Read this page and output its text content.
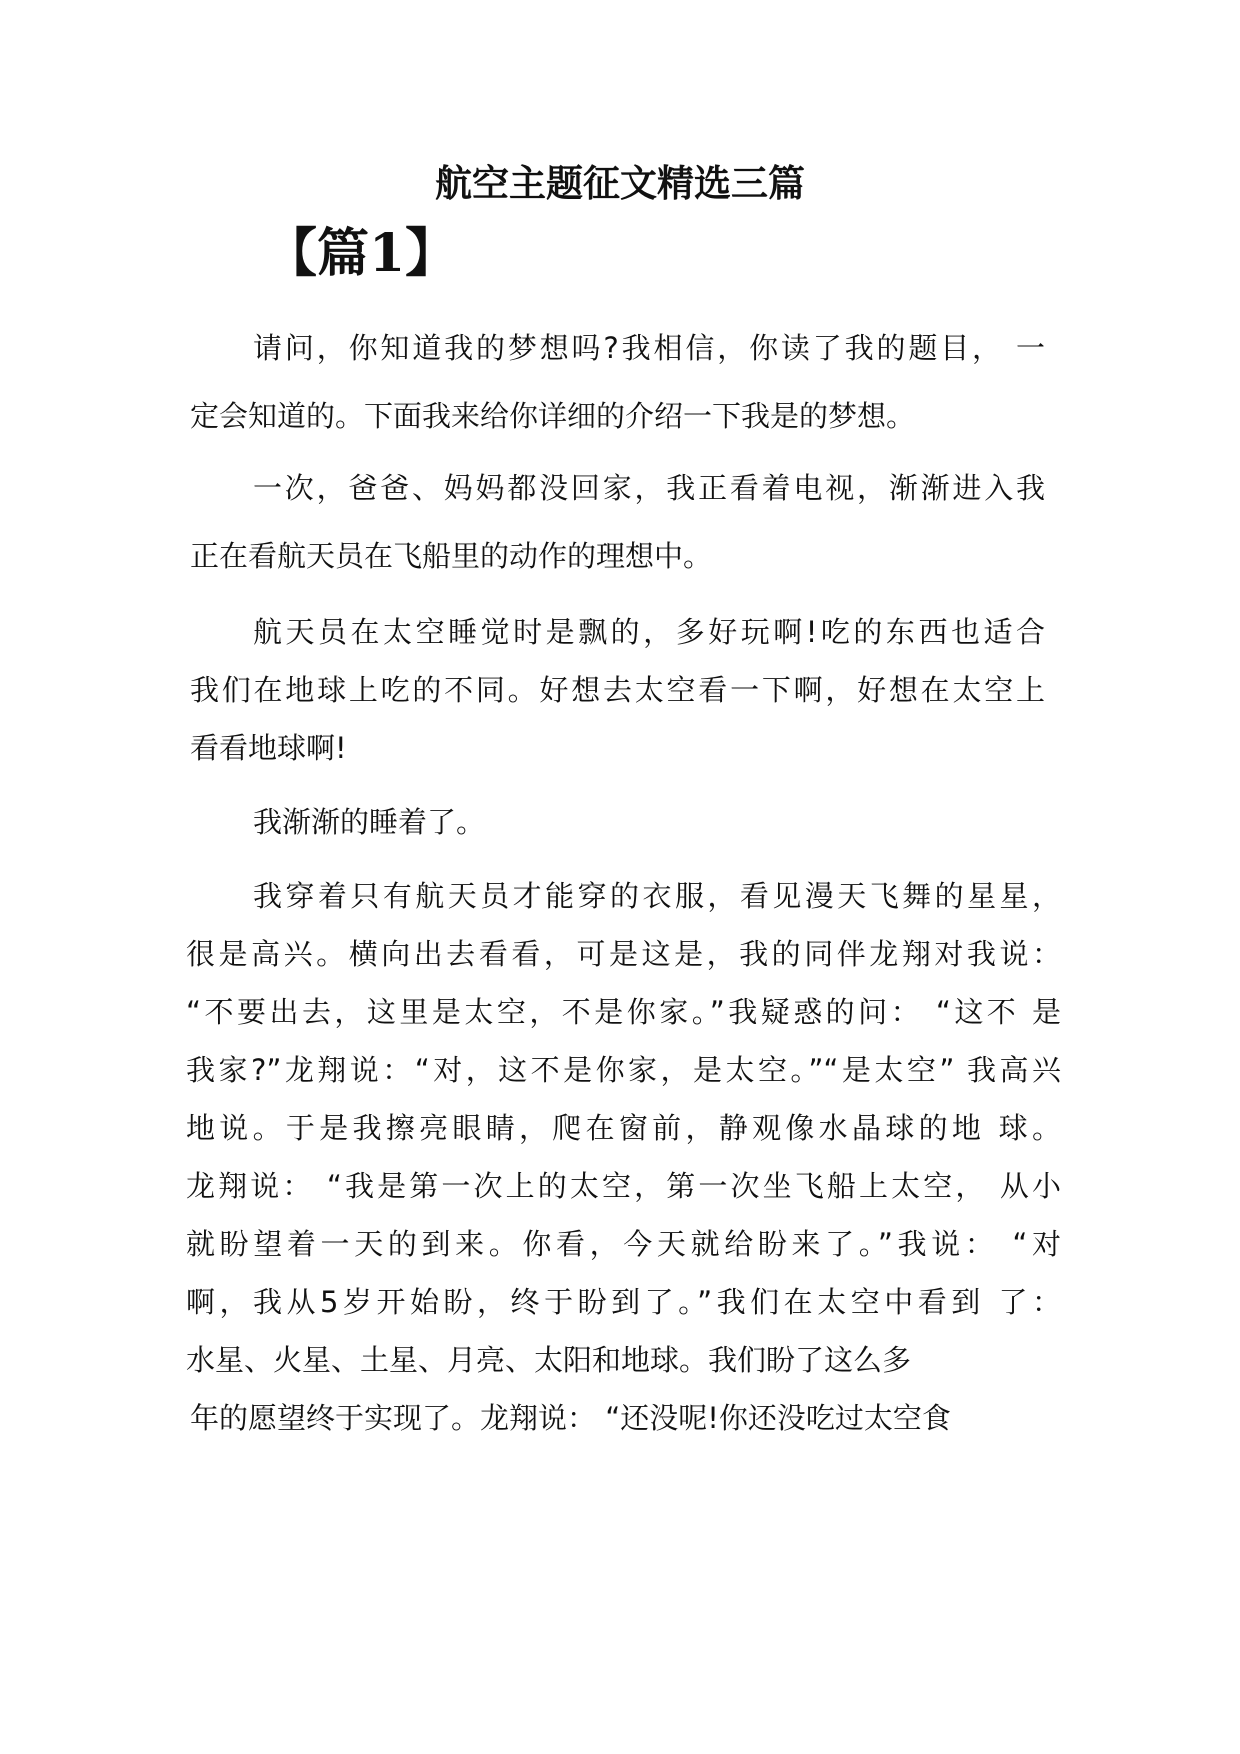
航空主题征文精选三篇
【篇1】
请问，你知道我的梦想吗?我相信，你读了我的题目， 一
定会知道的。下面我来给你详细的介绍一下我是的梦想。
一次，爸爸、妈妈都没回家，我正看着电视，渐渐进入我
正在看航天员在飞船里的动作的理想中。
航天员在太空睡觉时是飘的，多好玩啊!吃的东西也适合
我们在地球上吃的不同。好想去太空看一下啊，好想在太空上
看看地球啊!
我渐渐的睡着了。
我穿着只有航天员才能穿的衣服，看见漫天飞舞的星星，
很是高兴。横向出去看看，可是这是，我的同伴龙翔对我说：
“不要出去，这里是太空，不是你家。”我疑惑的问： “这不 是
我家?”龙翔说：“对，这不是你家，是太空。”“是太空” 我高兴
地说。于是我擦亮眼睛，爬在窗前，静观像水晶球的地 球。
龙翔说： “我是第一次上的太空，第一次坐飞船上太空， 从小
就盼望着一天的到来。你看，今天就给盼来了。”我说： “对
啊，我从5岁开始盼，终于盼到了。”我们在太空中看到 了：
水星、火星、土星、月亮、太阳和地球。我们盼了这么多
年的愿望终于实现了。龙翔说： “还没呢!你还没吃过太空食
